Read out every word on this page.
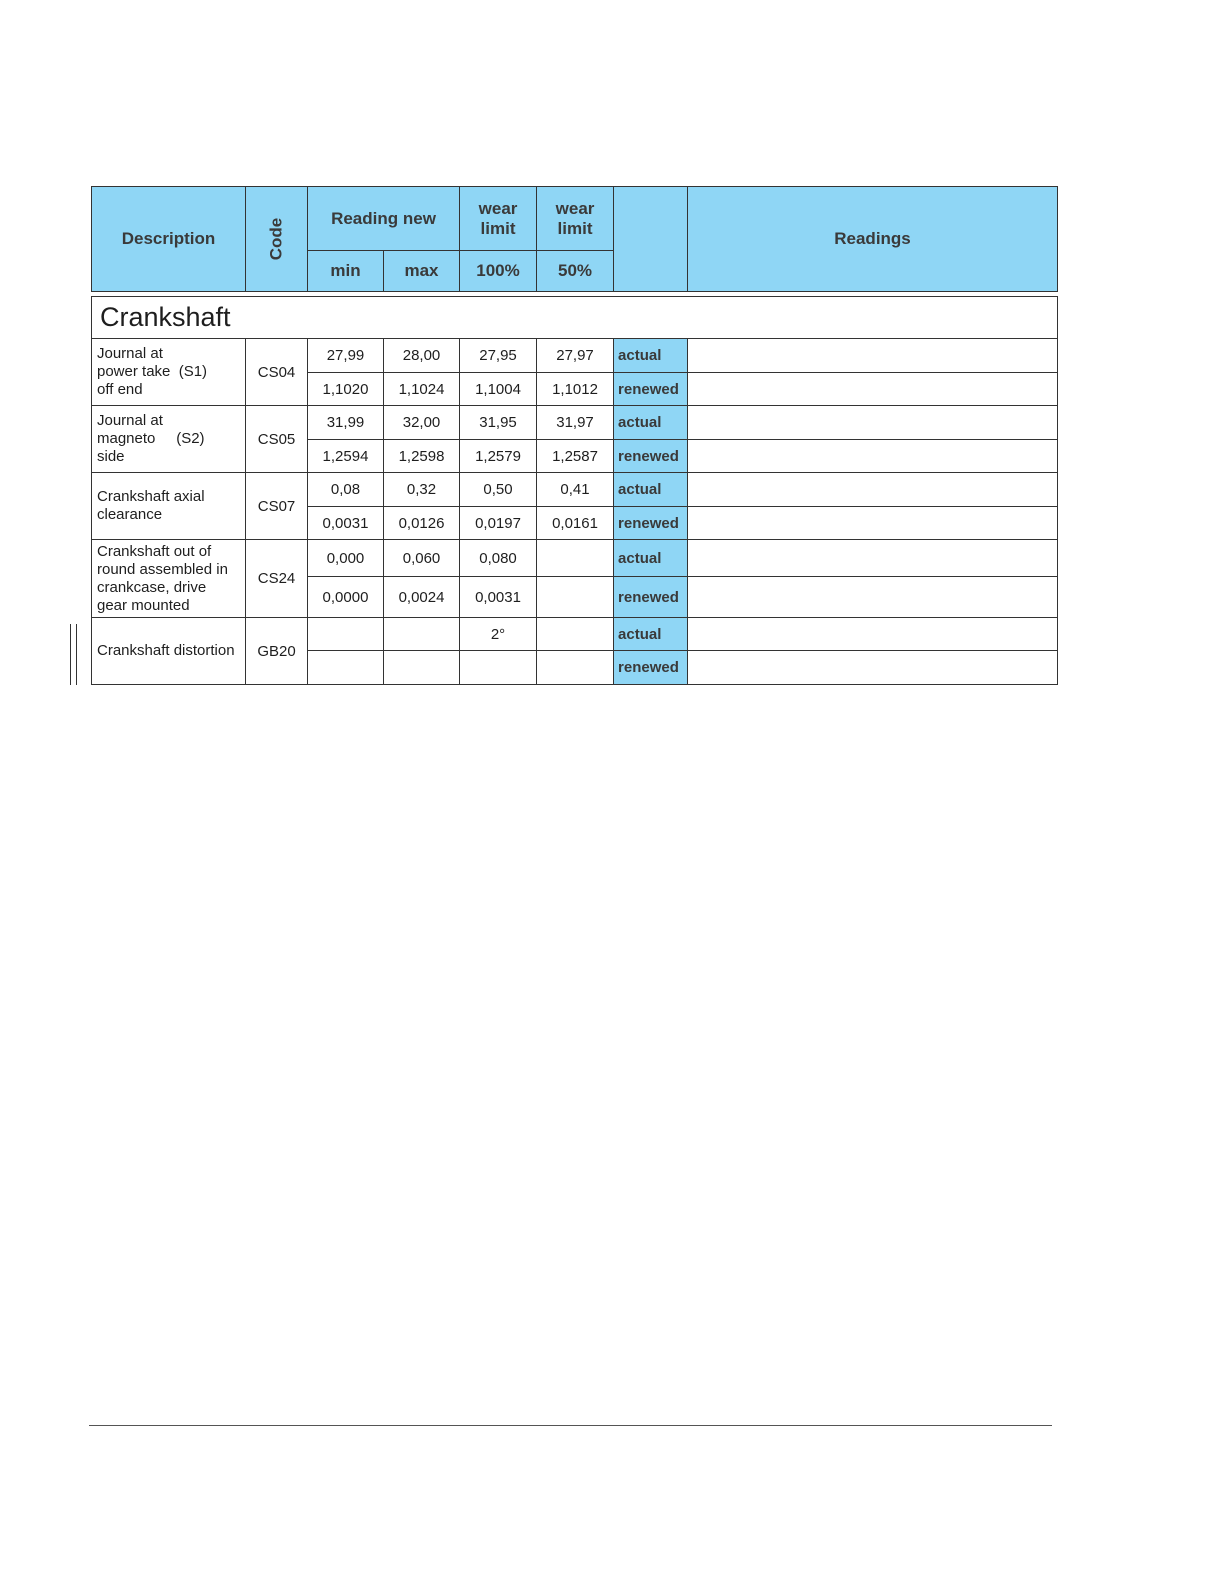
Description	Code	Reading new		wear limit	wear limit		Readings
		min	max	100%	50%		

Crankshaft							

Journal at
power take  (S1)
off end	CS04	27,99	28,00	27,95	27,97	actual	
		1,1020	1,1024	1,1004	1,1012	renewed	

Journal at
magneto     (S2)
side	CS05	31,99	32,00	31,95	31,97	actual	
		1,2594	1,2598	1,2579	1,2587	renewed	

Crankshaft axial
clearance	CS07	0,08	0,32	0,50	0,41	actual	
		0,0031	0,0126	0,0197	0,0161	renewed	

Crankshaft out of
round assembled in
crankcase, drive
gear mounted	CS24	0,000	0,060	0,080		actual	
		0,0000	0,0024	0,0031		renewed	

Crankshaft distortion	GB20			2°		actual	
						renewed	
